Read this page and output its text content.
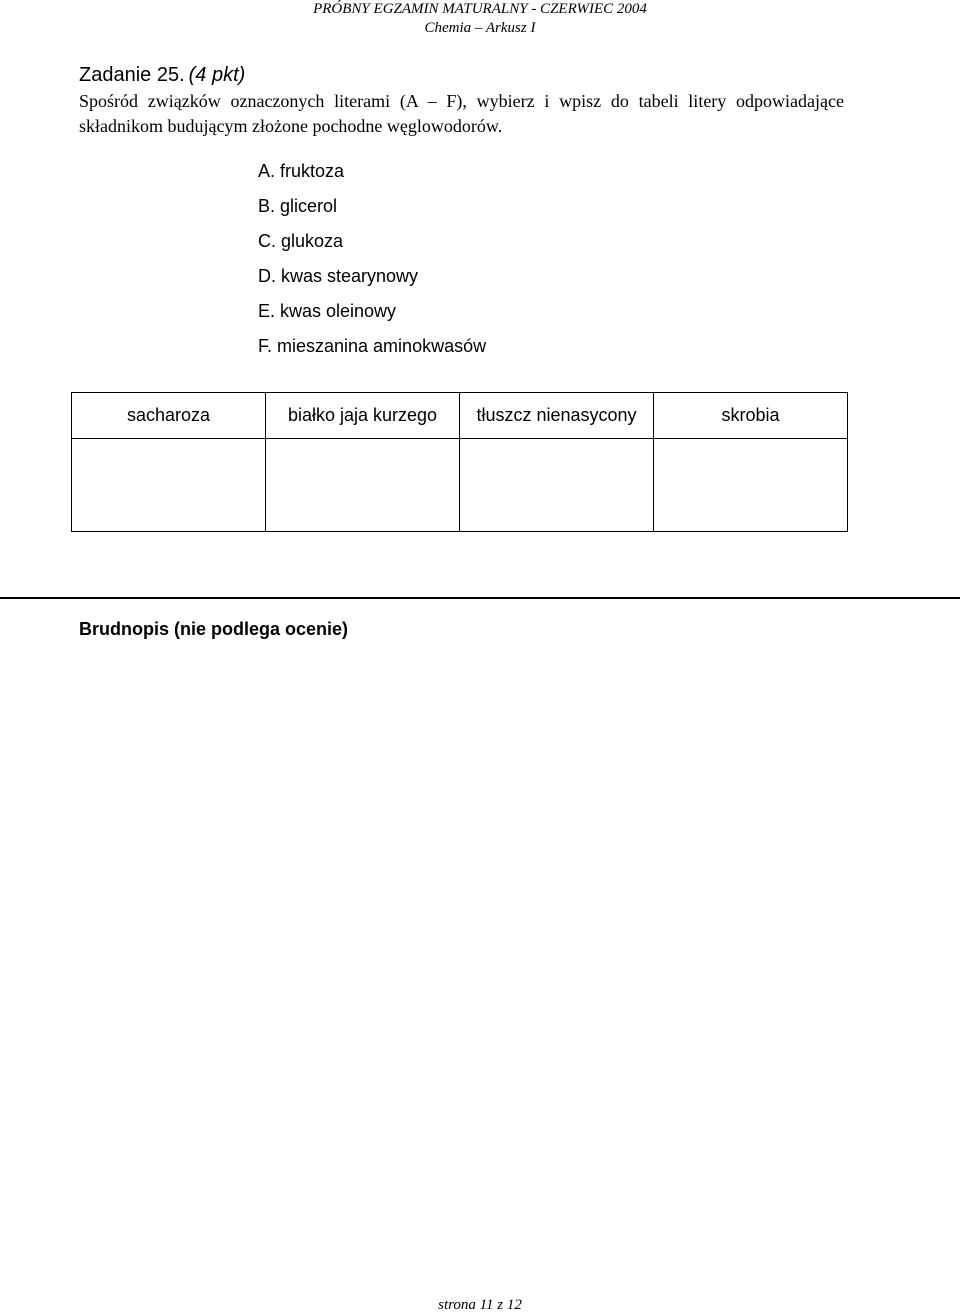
PRÓBNY EGZAMIN MATURALNY - CZERWIEC 2004
Chemia – Arkusz I
Zadanie 25. (4 pkt)
Spośród związków oznaczonych literami (A – F), wybierz i wpisz do tabeli litery odpowiadające składnikom budującym złożone pochodne węglowodorów.
A. fruktoza
B. glicerol
C. glukoza
D. kwas stearynowy
E. kwas oleinowy
F. mieszanina aminokwasów
sacharoza	białko jaja kurzego	tłuszcz nienasycony	skrobia

Brudnopis (nie podlega ocenie)
strona 11 z 12
